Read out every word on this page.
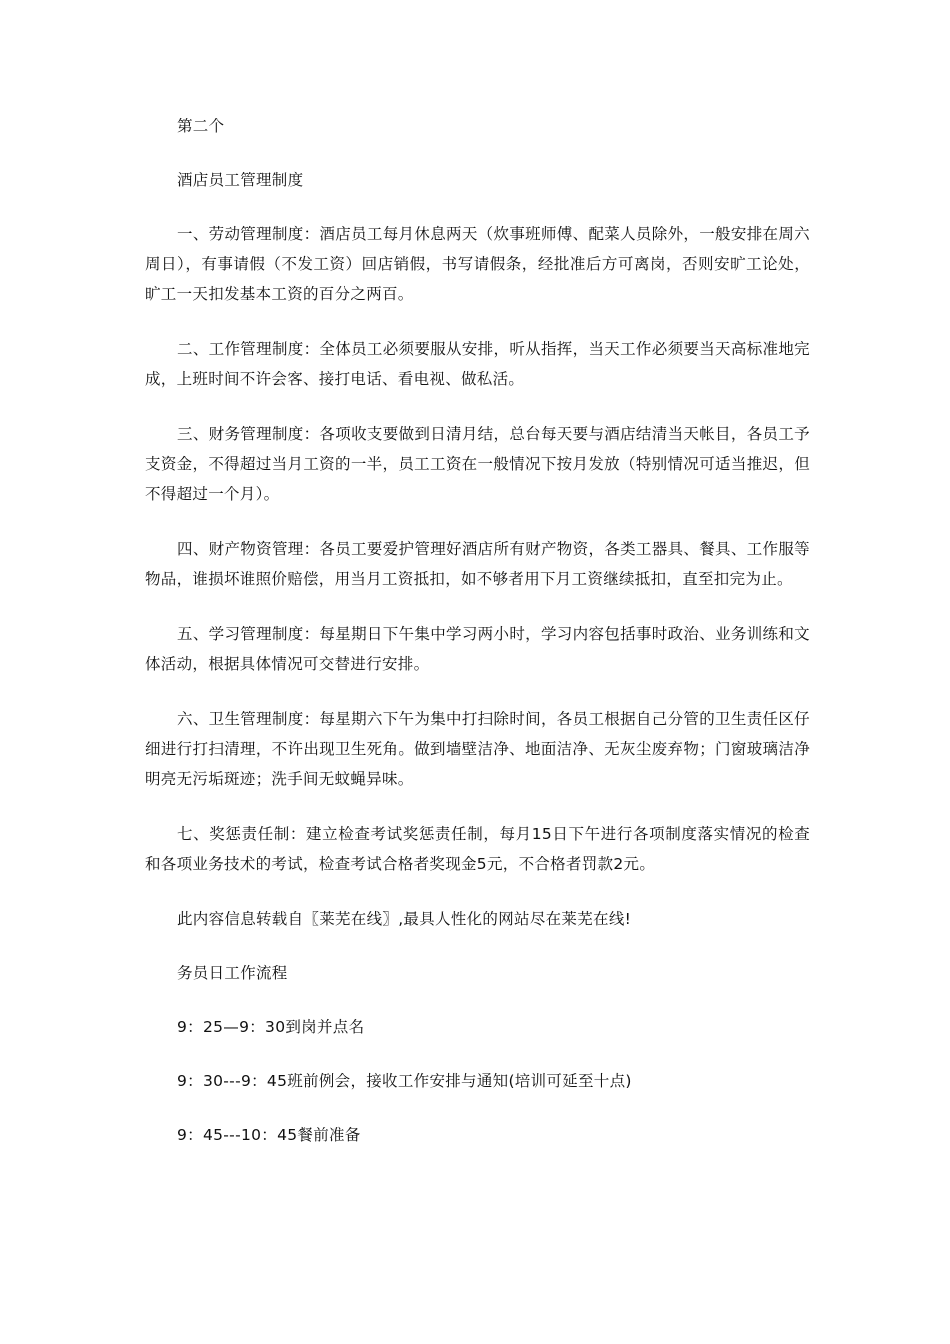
第二个

酒店员工管理制度

一、劳动管理制度：酒店员工每月休息两天（炊事班师傅、配菜人员除外，一般安排在周六周日），有事请假（不发工资）回店销假，书写请假条，经批准后方可离岗，否则安旷工论处，旷工一天扣发基本工资的百分之两百。

二、工作管理制度：全体员工必须要服从安排，听从指挥，当天工作必须要当天高标准地完成，上班时间不许会客、接打电话、看电视、做私活。

三、财务管理制度：各项收支要做到日清月结，总台每天要与酒店结清当天帐目，各员工予支资金，不得超过当月工资的一半，员工工资在一般情况下按月发放（特别情况可适当推迟，但不得超过一个月）。

四、财产物资管理：各员工要爱护管理好酒店所有财产物资，各类工器具、餐具、工作服等物品，谁损坏谁照价赔偿，用当月工资抵扣，如不够者用下月工资继续抵扣，直至扣完为止。

五、学习管理制度：每星期日下午集中学习两小时，学习内容包括事时政治、业务训练和文体活动，根据具体情况可交替进行安排。

六、卫生管理制度：每星期六下午为集中打扫除时间，各员工根据自己分管的卫生责任区仔细进行打扫清理，不许出现卫生死角。做到墙壁洁净、地面洁净、无灰尘废弃物；门窗玻璃洁净明亮无污垢斑迹；洗手间无蚊蝇异味。

七、奖惩责任制：建立检查考试奖惩责任制，每月15日下午进行各项制度落实情况的检查和各项业务技术的考试，检查考试合格者奖现金5元，不合格者罚款2元。

此内容信息转载自〖莱芜在线〗,最具人性化的网站尽在莱芜在线!

务员日工作流程

9：25—9：30到岗并点名

9：30---9：45班前例会，接收工作安排与通知(培训可延至十点)

9：45---10：45餐前准备
